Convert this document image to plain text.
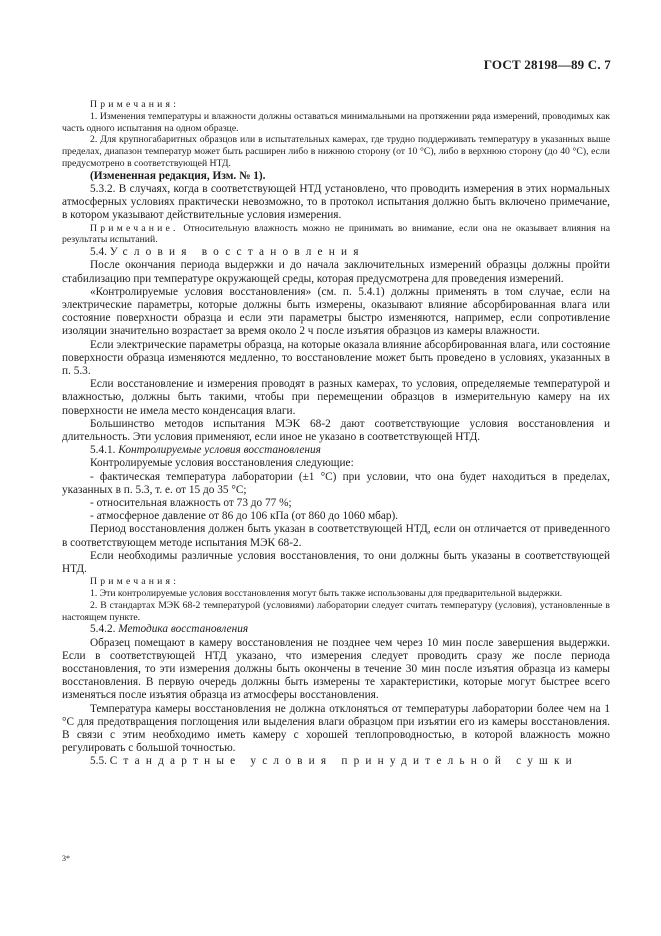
ГОСТ 28198—89 С. 7

Примечания:

1. Изменения температуры и влажности должны оставаться минимальными на протяжении ряда измерений, проводимых как часть одного испытания на одном образце.

2. Для крупногабаритных образцов или в испытательных камерах, где трудно поддерживать температуру в указанных выше пределах, диапазон температур может быть расширен либо в нижнюю сторону (от 10 °С), либо в верхнюю сторону (до 40 °С), если предусмотрено в соответствующей НТД.

(Измененная редакция, Изм. № 1).

5.3.2. В случаях, когда в соответствующей НТД установлено, что проводить измерения в этих нормальных атмосферных условиях практически невозможно, то в протокол испытания должно быть включено примечание, в котором указывают действительные условия измерения.

Примечание. Относительную влажность можно не принимать во внимание, если она не оказывает влияния на результаты испытаний.

5.4. Условия восстановления

После окончания периода выдержки и до начала заключительных измерений образцы должны пройти стабилизацию при температуре окружающей среды, которая предусмотрена для проведения измерений.

«Контролируемые условия восстановления» (см. п. 5.4.1) должны применять в том случае, если на электрические параметры, которые должны быть измерены, оказывают влияние абсорбированная влага или состояние поверхности образца и если эти параметры быстро изменяются, например, если сопротивление изоляции значительно возрастает за время около 2 ч после изъятия образцов из камеры влажности.

Если электрические параметры образца, на которые оказала влияние абсорбированная влага, или состояние поверхности образца изменяются медленно, то восстановление может быть проведено в условиях, указанных в п. 5.3.

Если восстановление и измерения проводят в разных камерах, то условия, определяемые температурой и влажностью, должны быть такими, чтобы при перемещении образцов в измерительную камеру на их поверхности не имела место конденсация влаги.

Большинство методов испытания МЭК 68-2 дают соответствующие условия восстановления и длительность. Эти условия применяют, если иное не указано в соответствующей НТД.

5.4.1. Контролируемые условия восстановления

Контролируемые условия восстановления следующие:

- фактическая температура лаборатории (±1 °С) при условии, что она будет находиться в пределах, указанных в п. 5.3, т. е. от 15 до 35 °С;

- относительная влажность от 73 до 77 %;

- атмосферное давление от 86 до 106 кПа (от 860 до 1060 мбар).

Период восстановления должен быть указан в соответствующей НТД, если он отличается от приведенного в соответствующем методе испытания МЭК 68-2.

Если необходимы различные условия восстановления, то они должны быть указаны в соответствующей НТД.

Примечания:

1. Эти контролируемые условия восстановления могут быть также использованы для предварительной выдержки.

2. В стандартах МЭК 68-2 температурой (условиями) лаборатории следует считать температуру (условия), установленные в настоящем пункте.

5.4.2. Методика восстановления

Образец помещают в камеру восстановления не позднее чем через 10 мин после завершения выдержки. Если в соответствующей НТД указано, что измерения следует проводить сразу же после периода восстановления, то эти измерения должны быть окончены в течение 30 мин после изъятия образца из камеры восстановления. В первую очередь должны быть измерены те характеристики, которые могут быстрее всего изменяться после изъятия образца из атмосферы восстановления.

Температура камеры восстановления не должна отклоняться от температуры лаборатории более чем на 1 °С для предотвращения поглощения или выделения влаги образцом при изъятии его из камеры восстановления. В связи с этим необходимо иметь камеру с хорошей теплопроводностью, в которой влажность можно регулировать с большой точностью.

5.5. Стандартные условия принудительной сушки

3*
